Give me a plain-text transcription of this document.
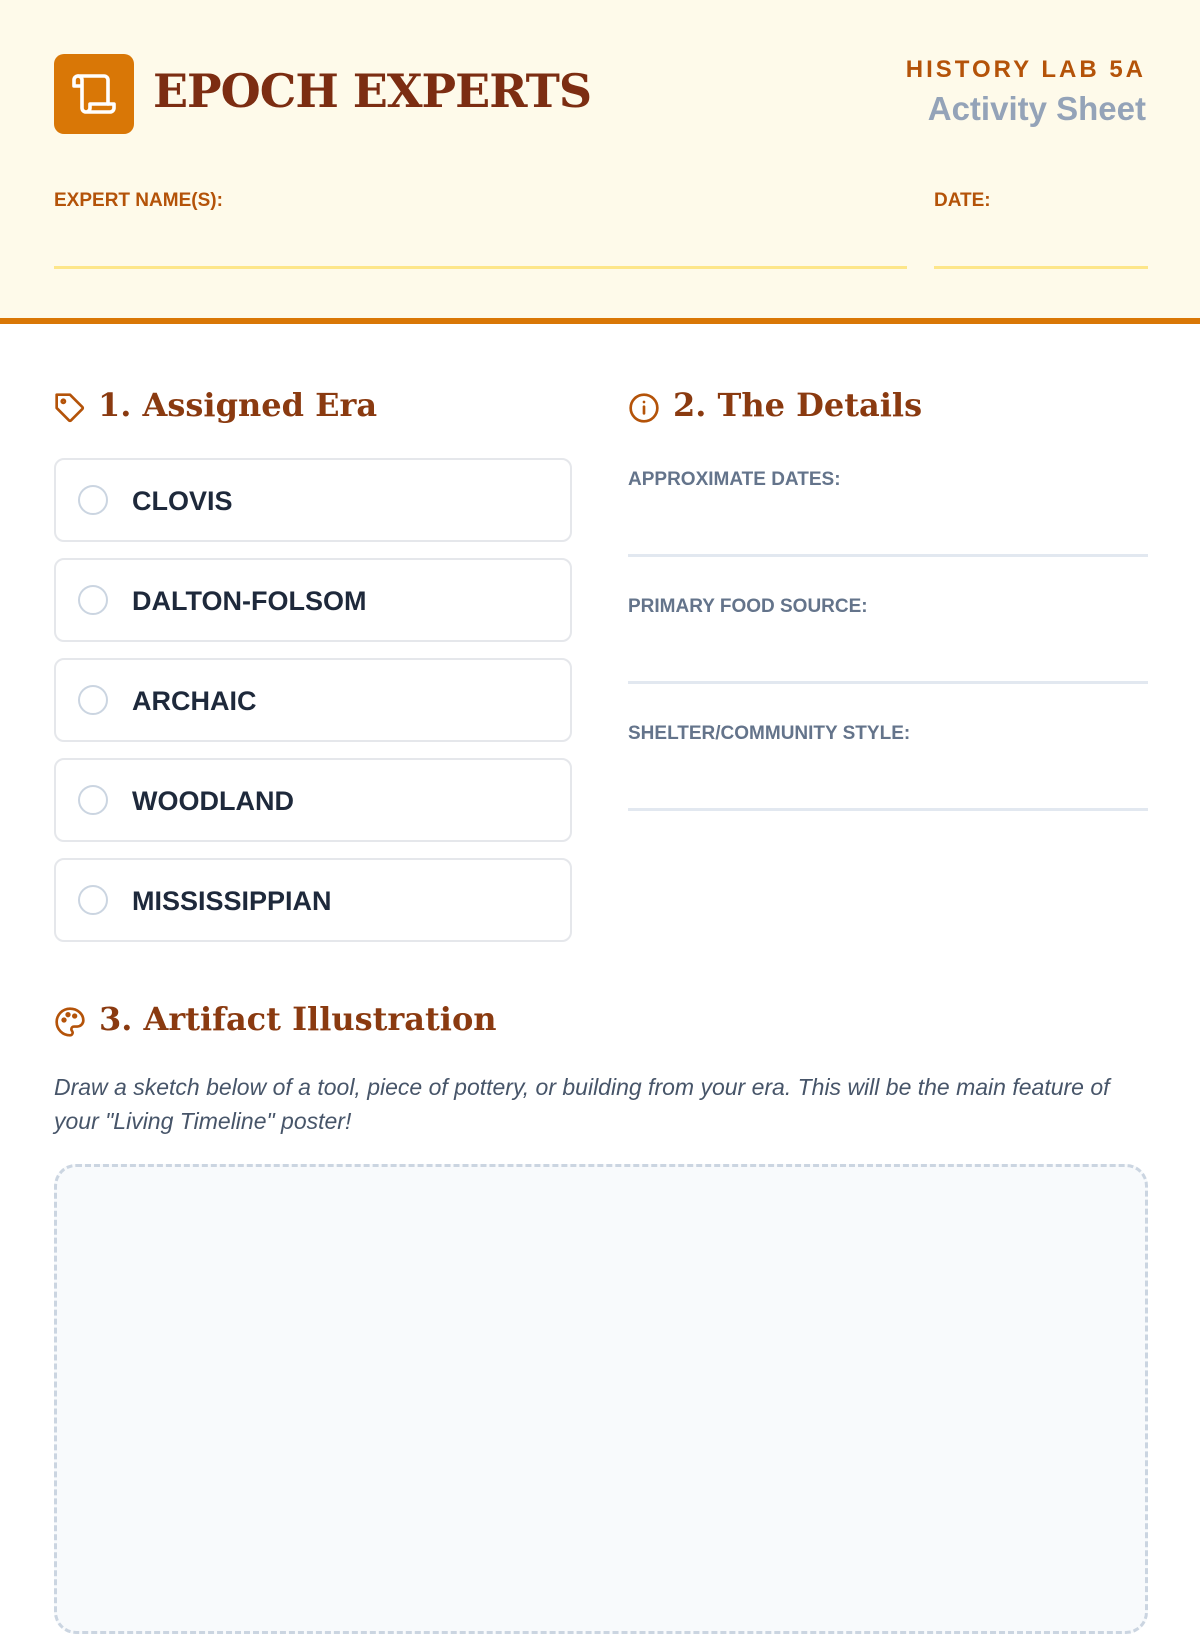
EPOCH EXPERTS	HISTORY LAB 5A
Activity Sheet
EXPERT NAME(S):	DATE:
1. Assigned Era
CLOVIS
DALTON-FOLSOM
ARCHAIC
WOODLAND
MISSISSIPPIAN
2. The Details
APPROXIMATE DATES:
PRIMARY FOOD SOURCE:
SHELTER/COMMUNITY STYLE:
3. Artifact Illustration
Draw a sketch below of a tool, piece of pottery, or building from your era. This will be the main feature of your "Living Timeline" poster!
